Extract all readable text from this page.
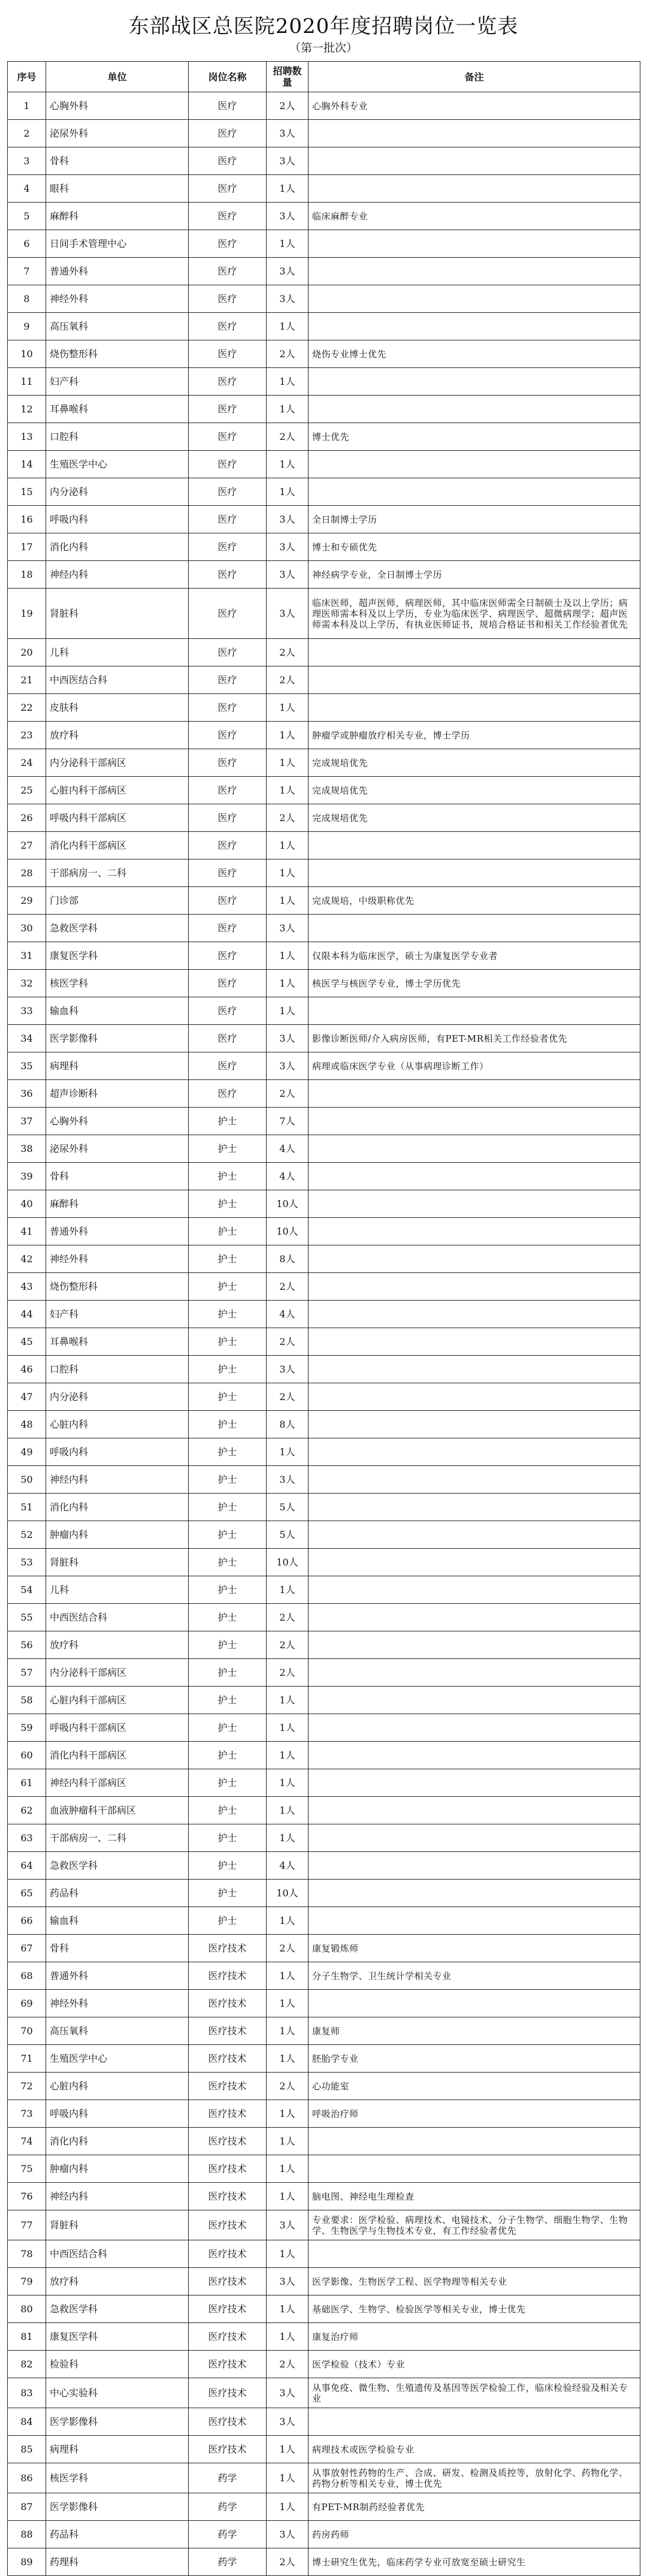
东部战区总医院2020年度招聘岗位一览表
（第一批次）
序号	单位	岗位名称	招聘数量	备注
1	心胸外科	医疗	2人	心胸外科专业
2	泌尿外科	医疗	3人	
3	骨科	医疗	3人	
4	眼科	医疗	1人	
5	麻醉科	医疗	3人	临床麻醉专业
6	日间手术管理中心	医疗	1人	
7	普通外科	医疗	3人	
8	神经外科	医疗	3人	
9	高压氧科	医疗	1人	
10	烧伤整形科	医疗	2人	烧伤专业博士优先
11	妇产科	医疗	1人	
12	耳鼻喉科	医疗	1人	
13	口腔科	医疗	2人	博士优先
14	生殖医学中心	医疗	1人	
15	内分泌科	医疗	1人	
16	呼吸内科	医疗	3人	全日制博士学历
17	消化内科	医疗	3人	博士和专硕优先
18	神经内科	医疗	3人	神经病学专业，全日制博士学历
19	肾脏科	医疗	3人	临床医师，超声医师，病理医师，其中临床医师需全日制硕士及以上学历；病理医师需本科及以上学历，专业为临床医学、病理医学、超微病理学；超声医师需本科及以上学历，有执业医师证书，规培合格证书和相关工作经验者优先
20	儿科	医疗	2人	
21	中西医结合科	医疗	2人	
22	皮肤科	医疗	1人	
23	放疗科	医疗	1人	肿瘤学或肿瘤放疗相关专业，博士学历
24	内分泌科干部病区	医疗	1人	完成规培优先
25	心脏内科干部病区	医疗	1人	完成规培优先
26	呼吸内科干部病区	医疗	2人	完成规培优先
27	消化内科干部病区	医疗	1人	
28	干部病房一、二科	医疗	1人	
29	门诊部	医疗	1人	完成规培，中级职称优先
30	急救医学科	医疗	3人	
31	康复医学科	医疗	1人	仅限本科为临床医学，硕士为康复医学专业者
32	核医学科	医疗	1人	核医学与核医学专业，博士学历优先
33	输血科	医疗	1人	
34	医学影像科	医疗	3人	影像诊断医师/介入病房医师，有PET-MR相关工作经验者优先
35	病理科	医疗	3人	病理或临床医学专业（从事病理诊断工作）
36	超声诊断科	医疗	2人	
37	心胸外科	护士	7人	
38	泌尿外科	护士	4人	
39	骨科	护士	4人	
40	麻醉科	护士	10人	
41	普通外科	护士	10人	
42	神经外科	护士	8人	
43	烧伤整形科	护士	2人	
44	妇产科	护士	4人	
45	耳鼻喉科	护士	2人	
46	口腔科	护士	3人	
47	内分泌科	护士	2人	
48	心脏内科	护士	8人	
49	呼吸内科	护士	1人	
50	神经内科	护士	3人	
51	消化内科	护士	5人	
52	肿瘤内科	护士	5人	
53	肾脏科	护士	10人	
54	儿科	护士	1人	
55	中西医结合科	护士	2人	
56	放疗科	护士	2人	
57	内分泌科干部病区	护士	2人	
58	心脏内科干部病区	护士	1人	
59	呼吸内科干部病区	护士	1人	
60	消化内科干部病区	护士	1人	
61	神经内科干部病区	护士	1人	
62	血液肿瘤科干部病区	护士	1人	
63	干部病房一、二科	护士	1人	
64	急救医学科	护士	4人	
65	药品科	护士	10人	
66	输血科	护士	1人	
67	骨科	医疗技术	2人	康复锻炼师
68	普通外科	医疗技术	1人	分子生物学、卫生统计学相关专业
69	神经外科	医疗技术	1人	
70	高压氧科	医疗技术	1人	康复师
71	生殖医学中心	医疗技术	1人	胚胎学专业
72	心脏内科	医疗技术	2人	心功能室
73	呼吸内科	医疗技术	1人	呼吸治疗师
74	消化内科	医疗技术	1人	
75	肿瘤内科	医疗技术	1人	
76	神经内科	医疗技术	1人	脑电图、神经电生理检查
77	肾脏科	医疗技术	3人	专业要求：医学检验、病理技术、电镜技术、分子生物学、细胞生物学、生物学、生物医学与生物技术专业，有工作经验者优先
78	中西医结合科	医疗技术	1人	
79	放疗科	医疗技术	3人	医学影像、生物医学工程、医学物理等相关专业
80	急救医学科	医疗技术	1人	基础医学、生物学、检验医学等相关专业，博士优先
81	康复医学科	医疗技术	1人	康复治疗师
82	检验科	医疗技术	2人	医学检验（技术）专业
83	中心实验科	医疗技术	3人	从事免疫、微生物、生殖遗传及基因等医学检验工作，临床检验经验及相关专业
84	医学影像科	医疗技术	3人	
85	病理科	医疗技术	1人	病理技术或医学检验专业
86	核医学科	药学	1人	从事放射性药物的生产、合成、研发、检测及质控等，放射化学、药物化学、药物分析等相关专业，博士优先
87	医学影像科	药学	1人	有PET-MR制药经验者优先
88	药品科	药学	3人	药房药师
89	药理科	药学	2人	博士研究生优先，临床药学专业可放宽至硕士研究生
